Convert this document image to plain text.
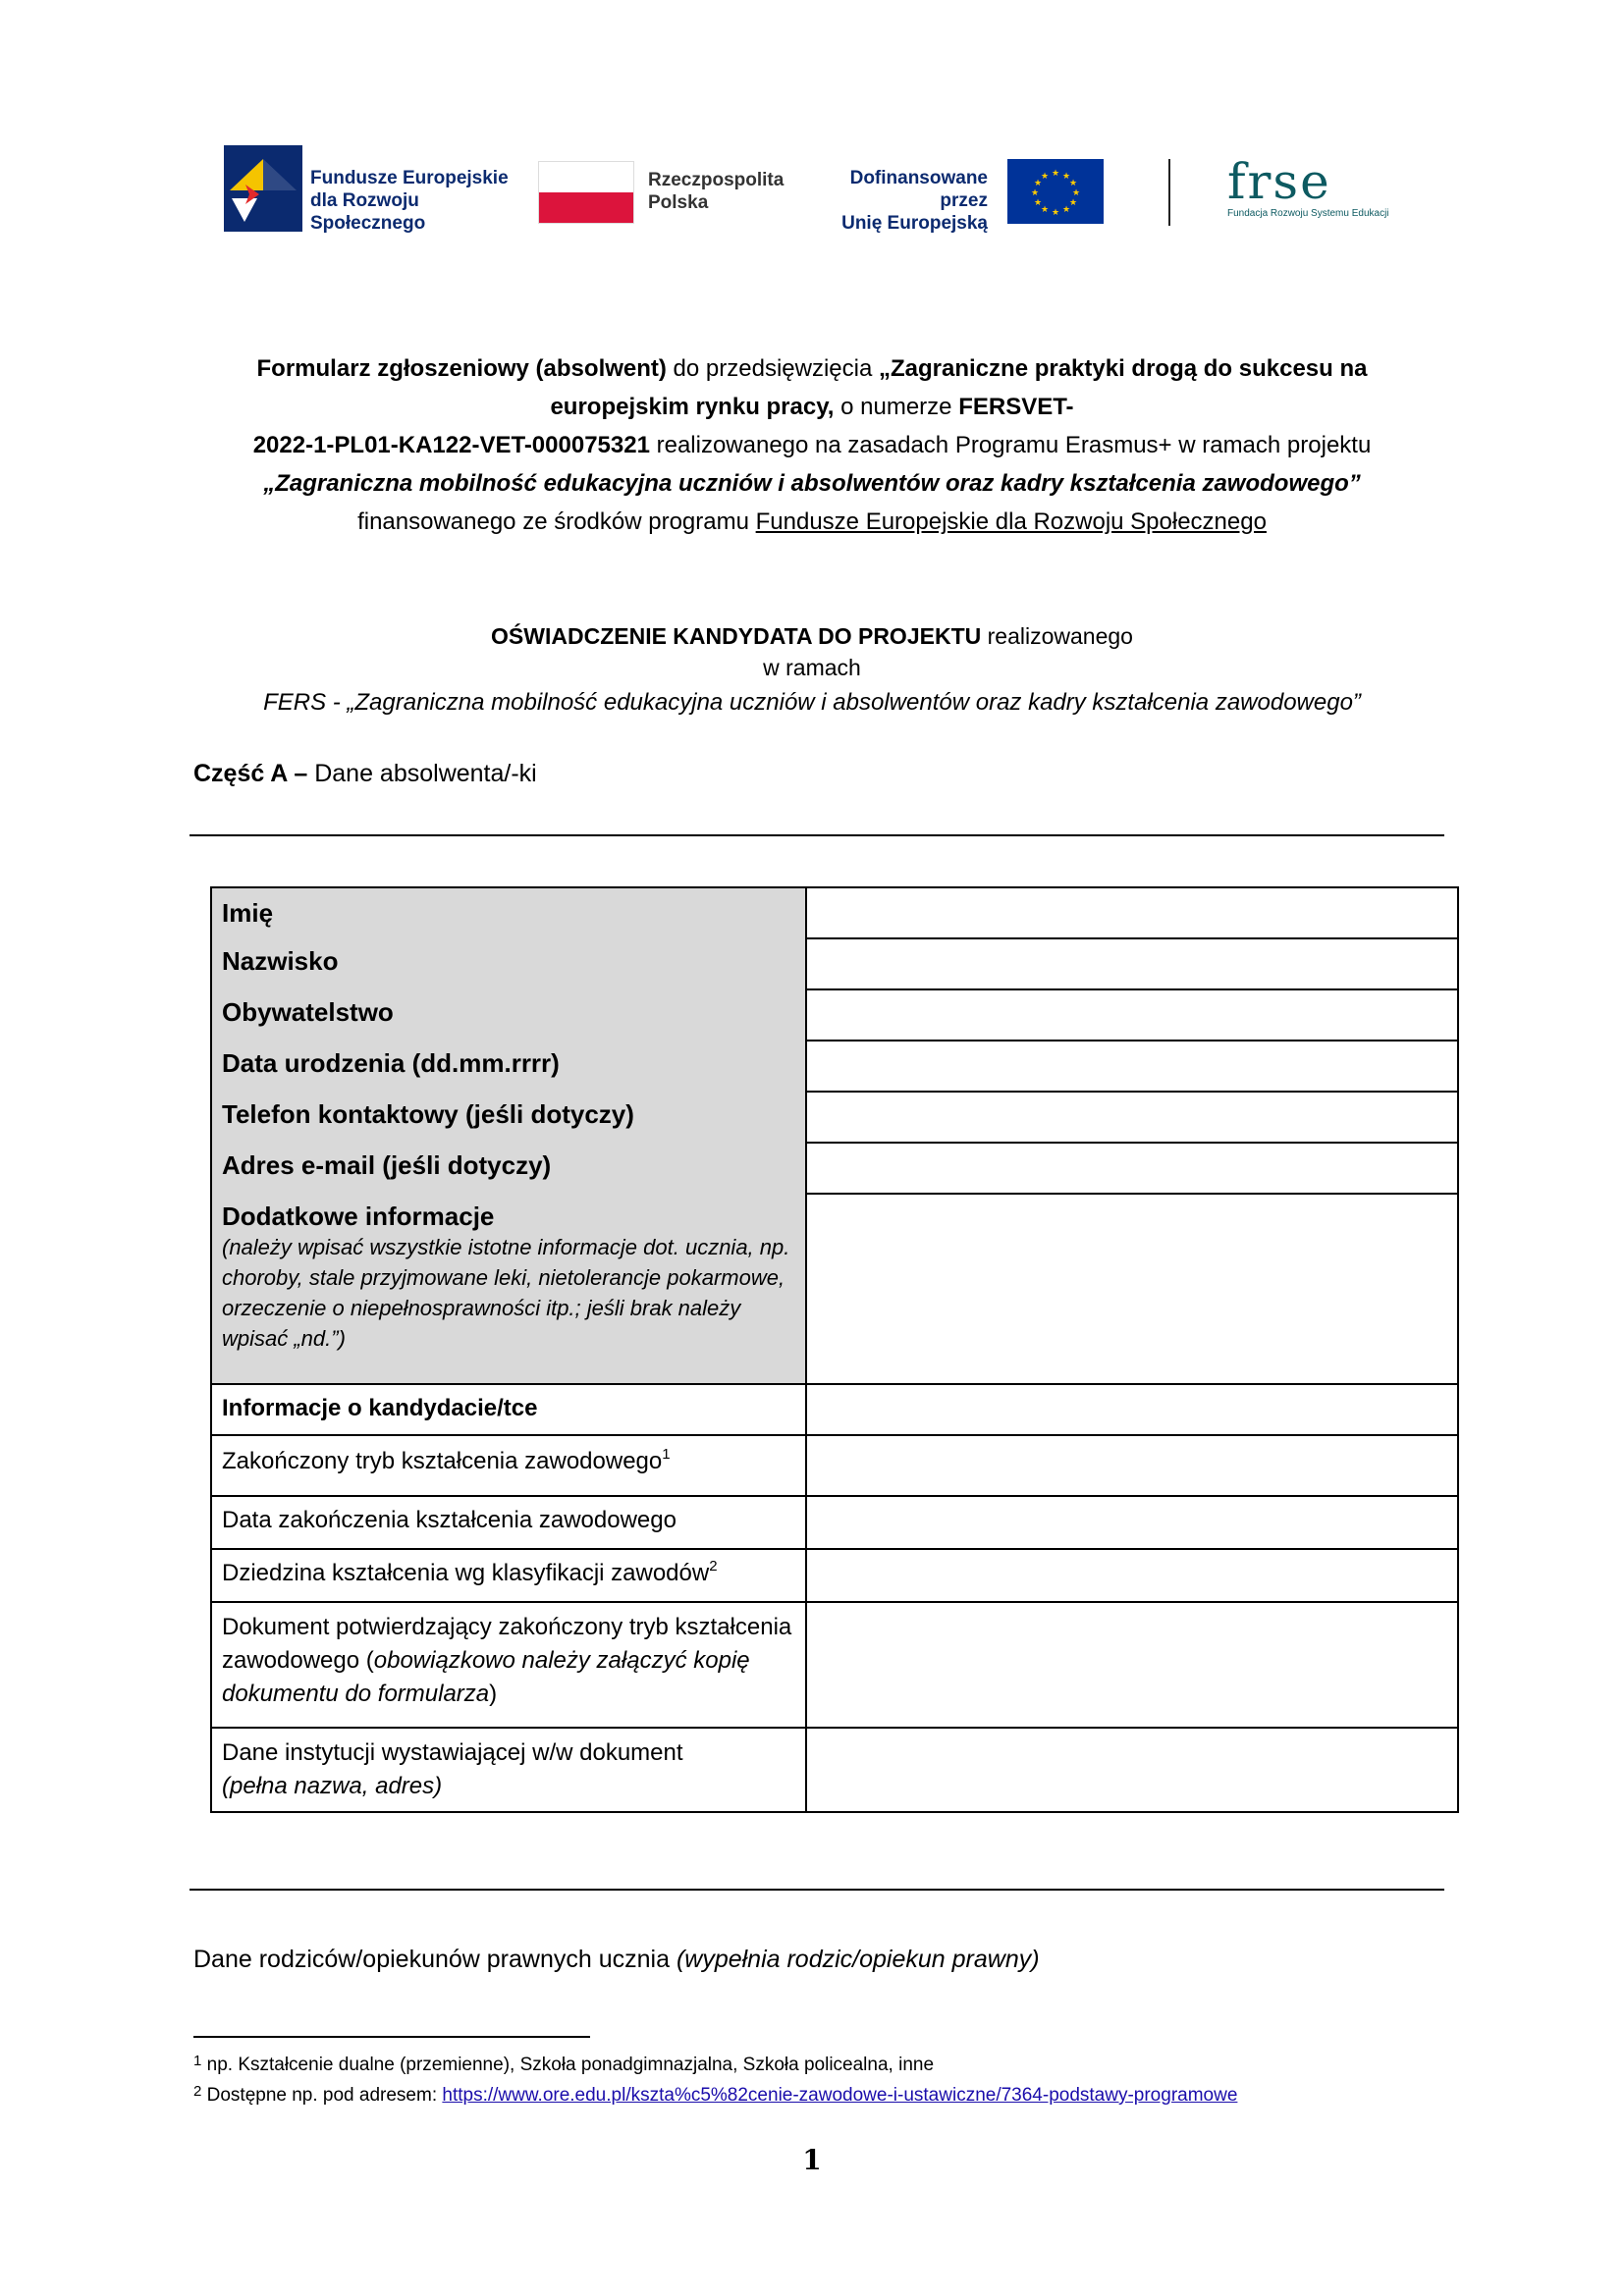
Fundusze Europejskie
dla Rozwoju Społecznego
Rzeczpospolita
Polska
Dofinansowane przez
Unię Europejską
★ ★
★
★
★
★
★
★
★
★
★
★	frse
Fundacja Rozwoju Systemu Edukacji
Formularz zgłoszeniowy (absolwent) do przedsięwzięcia „Zagraniczne praktyki drogą do sukcesu na europejskim rynku pracy, o numerze FERSVET-
2022-1-PL01-KA122-VET-000075321 realizowanego na zasadach Programu Erasmus+ w ramach projektu
„Zagraniczna mobilność edukacyjna uczniów i absolwentów oraz kadry kształcenia zawodowego”
finansowanego ze środków programu Fundusze Europejskie dla Rozwoju Społecznego
OŚWIADCZENIE KANDYDATA DO PROJEKTU realizowanego
w ramach
FERS - „Zagraniczna mobilność edukacyjna uczniów i absolwentów oraz kadry kształcenia zawodowego”
Część A – Dane absolwenta/-ki
Imię	
Nazwisko	
Obywatelstwo	
Data urodzenia (dd.mm.rrrr)	
Telefon kontaktowy (jeśli dotyczy)	
Adres e-mail (jeśli dotyczy)	

Dodatkowe informacje
(należy wpisać wszystkie istotne informacje dot. ucznia, np. choroby, stale przyjmowane leki, nietolerancje pokarmowe, orzeczenie o niepełnosprawności itp.; jeśli brak należy wpisać „nd.”)	

Informacje o kandydacie/tce	
Zakończony tryb kształcenia zawodowego$^1$	
Data zakończenia kształcenia zawodowego	
Dziedzina kształcenia wg klasyfikacji zawodów$^2$	
Dokument potwierdzający zakończony tryb kształcenia zawodowego (obowiązkowo należy załączyć kopię dokumentu do formularza)	

Dane instytucji wystawiającej w/w dokument
(pełna nazwa, adres)	
Dane rodziców/opiekunów prawnych ucznia (wypełnia rodzic/opiekun prawny)
$^1$ np. Kształcenie dualne (przemienne), Szkoła ponadgimnazjalna, Szkoła policealna, inne
$^2$ Dostępne np. pod adresem: https://www.ore.edu.pl/kszta%c5%82cenie-zawodowe-i-ustawiczne/7364-podstawy-programowe
1
